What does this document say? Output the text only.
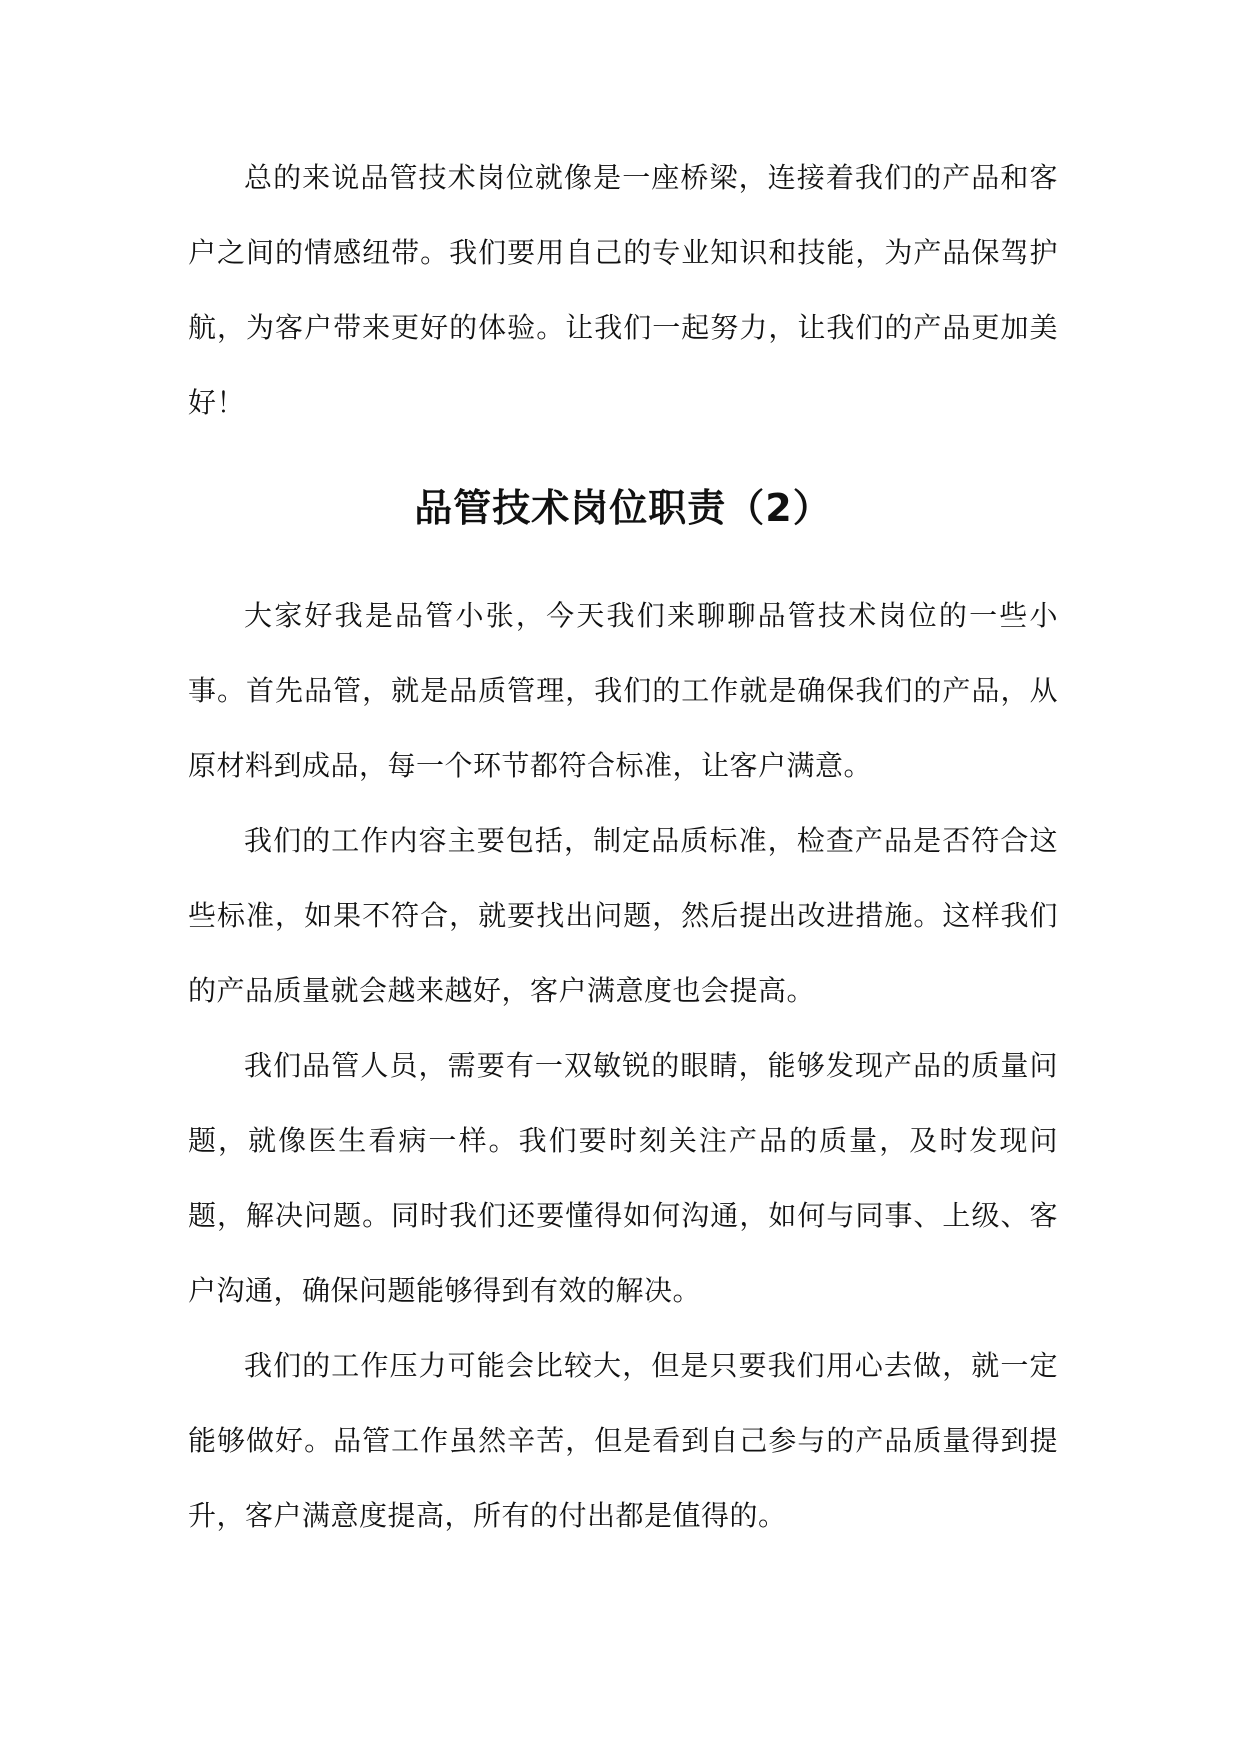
总的来说品管技术岗位就像是一座桥梁，连接着我们的产品和客户之间的情感纽带。我们要用自己的专业知识和技能，为产品保驾护航，为客户带来更好的体验。让我们一起努力，让我们的产品更加美好！

品管技术岗位职责（2）

大家好我是品管小张，今天我们来聊聊品管技术岗位的一些小事。首先品管，就是品质管理，我们的工作就是确保我们的产品，从原材料到成品，每一个环节都符合标准，让客户满意。

我们的工作内容主要包括，制定品质标准，检查产品是否符合这些标准，如果不符合，就要找出问题，然后提出改进措施。这样我们的产品质量就会越来越好，客户满意度也会提高。

我们品管人员，需要有一双敏锐的眼睛，能够发现产品的质量问题，就像医生看病一样。我们要时刻关注产品的质量，及时发现问题，解决问题。同时我们还要懂得如何沟通，如何与同事、上级、客户沟通，确保问题能够得到有效的解决。

我们的工作压力可能会比较大，但是只要我们用心去做，就一定能够做好。品管工作虽然辛苦，但是看到自己参与的产品质量得到提升，客户满意度提高，所有的付出都是值得的。
